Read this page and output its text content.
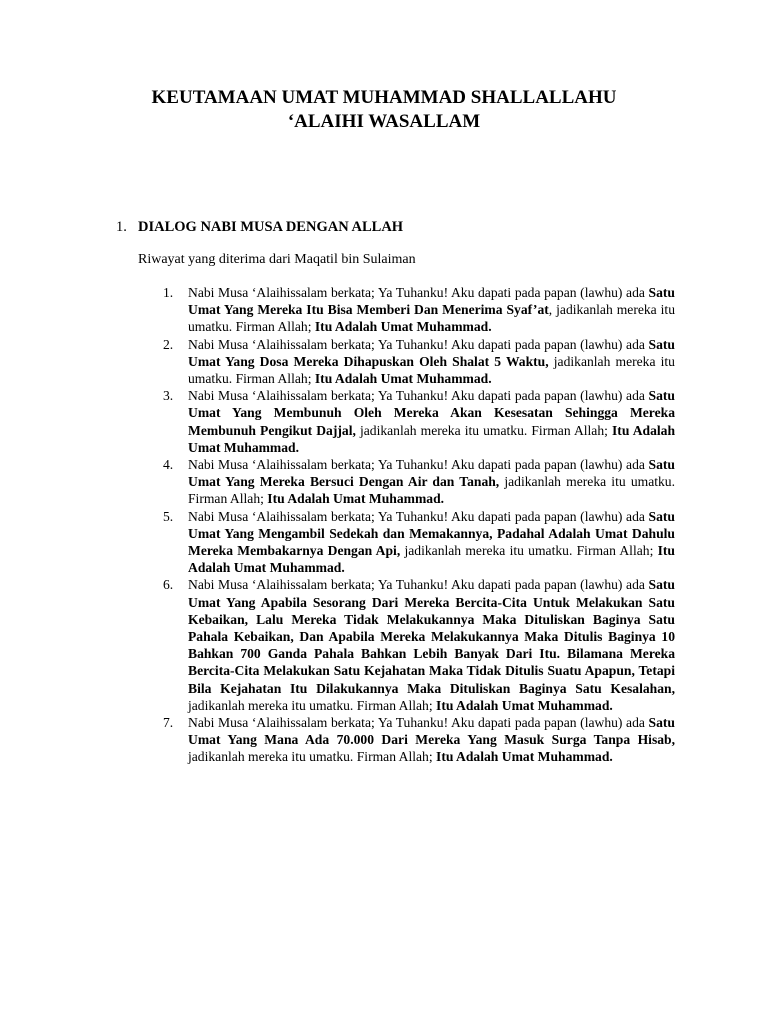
KEUTAMAAN UMAT MUHAMMAD SHALLALLAHU
‘ALAIHI WASALLAM
1. DIALOG NABI MUSA DENGAN ALLAH
Riwayat yang diterima dari Maqatil bin Sulaiman
1. Nabi Musa ‘Alaihissalam berkata; Ya Tuhanku! Aku dapati pada papan (lawhu) ada Satu Umat Yang Mereka Itu Bisa Memberi Dan Menerima Syaf’at, jadikanlah mereka itu umatku. Firman Allah; Itu Adalah Umat Muhammad.
2. Nabi Musa ‘Alaihissalam berkata; Ya Tuhanku! Aku dapati pada papan (lawhu) ada Satu Umat Yang Dosa Mereka Dihapuskan Oleh Shalat 5 Waktu, jadikanlah mereka itu umatku. Firman Allah; Itu Adalah Umat Muhammad.
3. Nabi Musa ‘Alaihissalam berkata; Ya Tuhanku! Aku dapati pada papan (lawhu) ada Satu Umat Yang Membunuh Oleh Mereka Akan Kesesatan Sehingga Mereka Membunuh Pengikut Dajjal, jadikanlah mereka itu umatku. Firman Allah; Itu Adalah Umat Muhammad.
4. Nabi Musa ‘Alaihissalam berkata; Ya Tuhanku! Aku dapati pada papan (lawhu) ada Satu Umat Yang Mereka Bersuci Dengan Air dan Tanah, jadikanlah mereka itu umatku. Firman Allah; Itu Adalah Umat Muhammad.
5. Nabi Musa ‘Alaihissalam berkata; Ya Tuhanku! Aku dapati pada papan (lawhu) ada Satu Umat Yang Mengambil Sedekah dan Memakannya, Padahal Adalah Umat Dahulu Mereka Membakarnya Dengan Api, jadikanlah mereka itu umatku. Firman Allah; Itu Adalah Umat Muhammad.
6. Nabi Musa ‘Alaihissalam berkata; Ya Tuhanku! Aku dapati pada papan (lawhu) ada Satu Umat Yang Apabila Sesorang Dari Mereka Bercita-Cita Untuk Melakukan Satu Kebaikan, Lalu Mereka Tidak Melakukannya Maka Dituliskan Baginya Satu Pahala Kebaikan, Dan Apabila Mereka Melakukannya Maka Ditulis Baginya 10 Bahkan 700 Ganda Pahala Bahkan Lebih Banyak Dari Itu. Bilamana Mereka Bercita-Cita Melakukan Satu Kejahatan Maka Tidak Ditulis Suatu Apapun, Tetapi Bila Kejahatan Itu Dilakukannya Maka Dituliskan Baginya Satu Kesalahan, jadikanlah mereka itu umatku. Firman Allah; Itu Adalah Umat Muhammad.
7. Nabi Musa ‘Alaihissalam berkata; Ya Tuhanku! Aku dapati pada papan (lawhu) ada Satu Umat Yang Mana Ada 70.000 Dari Mereka Yang Masuk Surga Tanpa Hisab, jadikanlah mereka itu umatku. Firman Allah; Itu Adalah Umat Muhammad.
